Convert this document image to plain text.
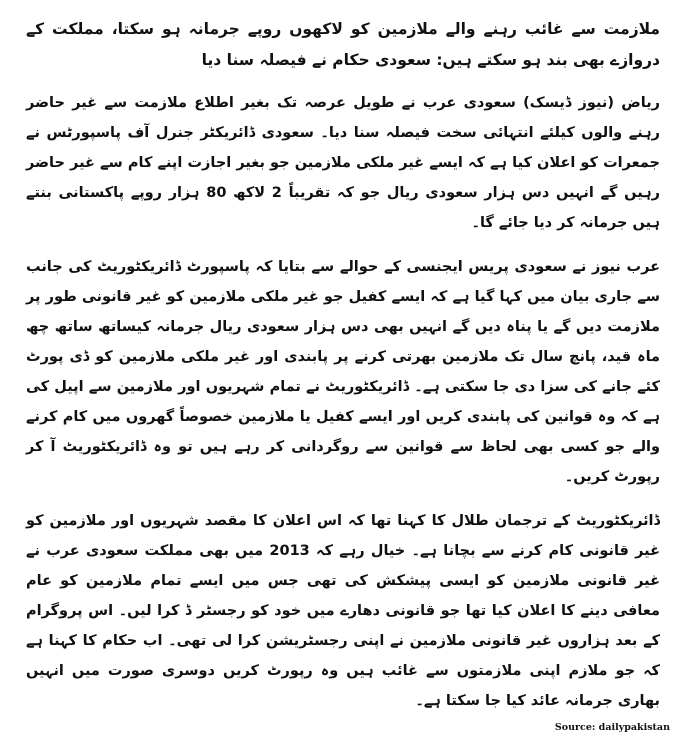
ملازمت سے غائب رہنے والے ملازمین کو لاکھوں روپے جرمانہ ہو سکتا، مملکت کے دروازے بھی بند ہو سکتے ہیں: سعودی حکام نے فیصلہ سنا دیا

ریاض (نیوز ڈیسک) سعودی عرب نے طویل عرصہ تک بغیر اطلاع ملازمت سے غیر حاضر رہنے والوں کیلئے انتہائی سخت فیصلہ سنا دیا۔ سعودی ڈائریکٹر جنرل آف پاسپورٹس نے جمعرات کو اعلان کیا ہے کہ ایسے غیر ملکی ملازمین جو بغیر اجازت اپنے کام سے غیر حاضر رہیں گے انہیں دس ہزار سعودی ریال جو کہ تقریباً 2 لاکھ 80 ہزار روپے پاکستانی بنتے ہیں جرمانہ کر دیا جائے گا۔

عرب نیوز نے سعودی پریس ایجنسی کے حوالے سے بتایا کہ پاسپورٹ ڈائریکٹوریٹ کی جانب سے جاری بیان میں کہا گیا ہے کہ ایسے کفیل جو غیر ملکی ملازمین کو غیر قانونی طور پر ملازمت دیں گے یا پناہ دیں گے انہیں بھی دس ہزار سعودی ریال جرمانہ کیساتھ ساتھ چھ ماہ قید، پانچ سال تک ملازمین بھرتی کرنے پر پابندی اور غیر ملکی ملازمین کو ڈی پورٹ کئے جانے کی سزا دی جا سکتی ہے۔ ڈائریکٹوریٹ نے تمام شہریوں اور ملازمین سے اپیل کی ہے کہ وہ قوانین کی پابندی کریں اور ایسے کفیل یا ملازمین خصوصاً گھروں میں کام کرنے والے جو کسی بھی لحاظ سے قوانین سے روگردانی کر رہے ہیں تو وہ ڈائریکٹوریٹ آ کر رپورٹ کریں۔

ڈائریکٹوریٹ کے ترجمان طلال کا کہنا تھا کہ اس اعلان کا مقصد شہریوں اور ملازمین کو غیر قانونی کام کرنے سے بچانا ہے۔ خیال رہے کہ 2013 میں بھی مملکت سعودی عرب نے غیر قانونی ملازمین کو ایسی پیشکش کی تھی جس میں ایسے تمام ملازمین کو عام معافی دینے کا اعلان کیا تھا جو قانونی دھارے میں خود کو رجسٹر ڈ کرا لیں۔ اس پروگرام کے بعد ہزاروں غیر قانونی ملازمین نے اپنی رجسٹریشن کرا لی تھی۔ اب حکام کا کہنا ہے کہ جو ملازم اپنی ملازمتوں سے غائب ہیں وہ رپورٹ کریں دوسری صورت میں انہیں بھاری جرمانہ عائد کیا جا سکتا ہے۔

Source: dailypakistan
